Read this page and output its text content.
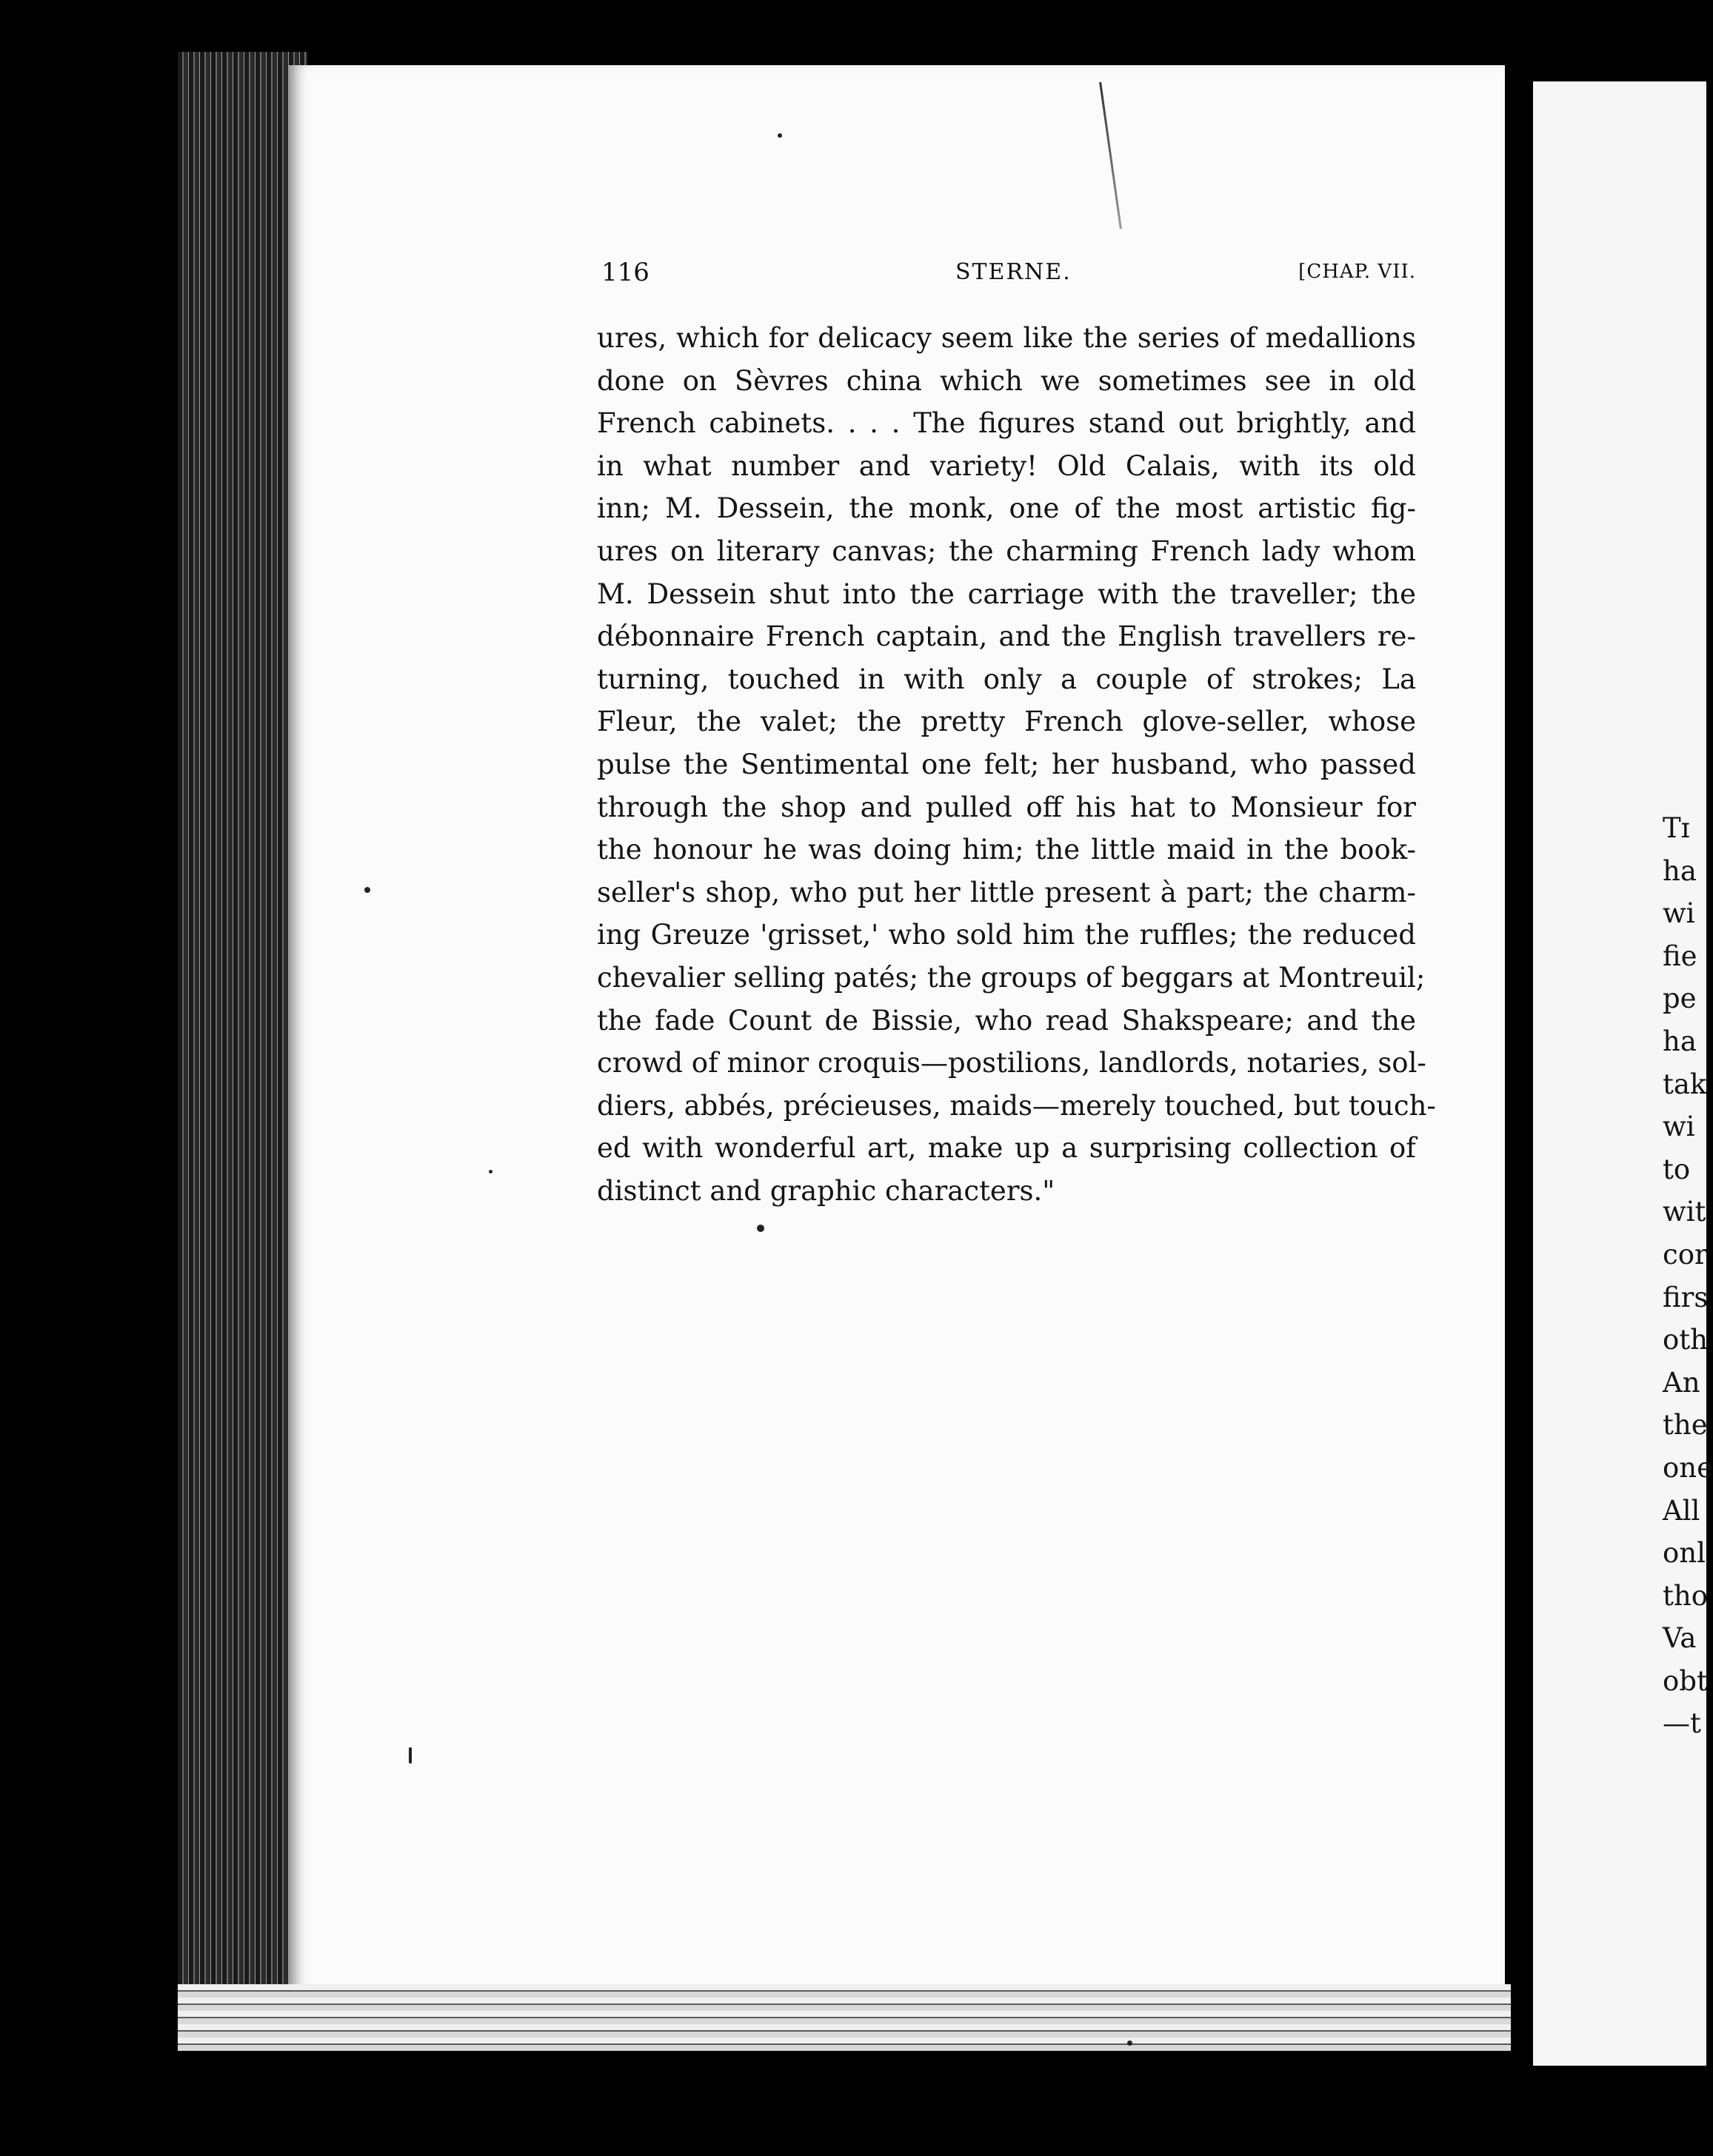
116	STERNE.	[CHAP. VII.
ures, which for delicacy seem like the series of medallions
done on Sèvres china which we sometimes see in old
French cabinets. . . . The figures stand out brightly, and
in what number and variety! Old Calais, with its old
inn; M. Dessein, the monk, one of the most artistic fig-
ures on literary canvas; the charming French lady whom
M. Dessein shut into the carriage with the traveller; the
débonnaire French captain, and the English travellers re-
turning, touched in with only a couple of strokes; La
Fleur, the valet; the pretty French glove-seller, whose
pulse the Sentimental one felt; her husband, who passed
through the shop and pulled off his hat to Monsieur for
the honour he was doing him; the little maid in the book-
seller's shop, who put her little present à part; the charm-
ing Greuze 'grisset,' who sold him the ruffles; the reduced
chevalier selling patés; the groups of beggars at Montreuil;
the fade Count de Bissie, who read Shakspeare; and the
crowd of minor croquis—postilions, landlords, notaries, sol-
diers, abbés, précieuses, maids—merely touched, but touch-
ed with wonderful art, make up a surprising collection of
distinct and graphic characters."
Tɪ
ha
wi
fie
pe
ha
tak
wi
to
wit
cor
firs
oth
An
the
one
All
onl
tho
Va
obt
—t
